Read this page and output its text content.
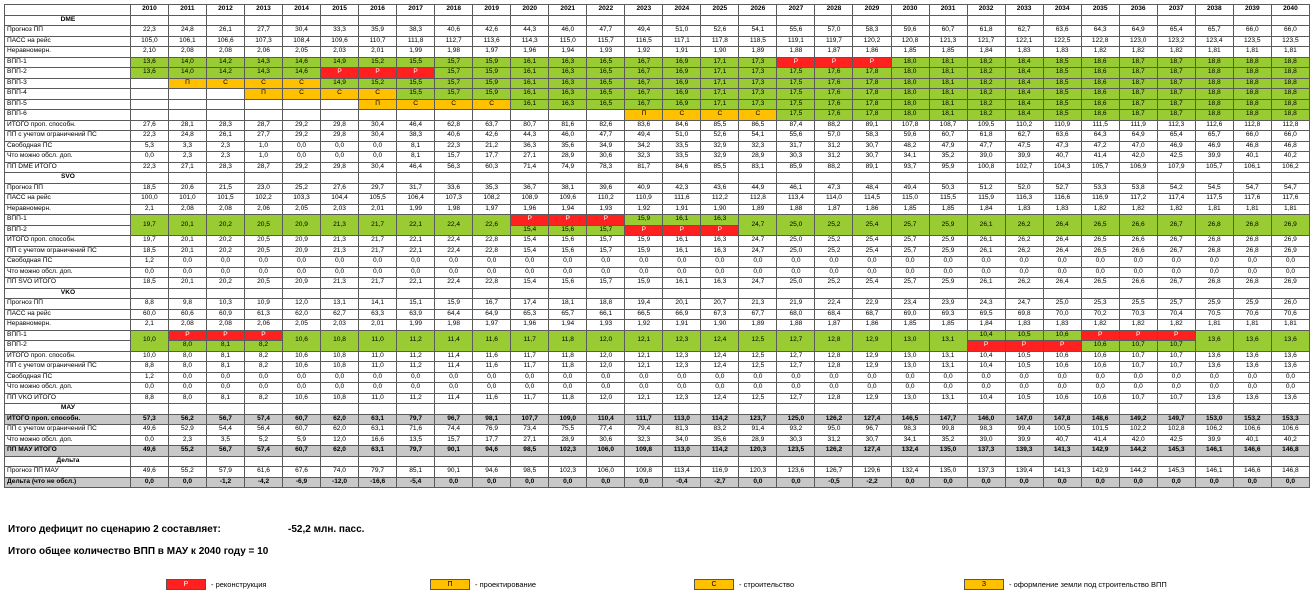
	2010	2011	2012	2013	2014	2015	2016	2017	2018	2019	2020	2021	2022	2023	2024	2025	2026	2027	2028	2029	2030	2031	2032	2033	2034	2035	2036	2037	2038	2039	2040
DME																															
Прогноз ПП	22,3	24,8	26,1	27,7	30,4	33,3	35,9	38,3	40,6	42,6	44,3	46,0	47,7	49,4	51,0	52,6	54,1	55,6	57,0	58,3	59,6	60,7	61,8	62,7	63,6	64,3	64,9	65,4	65,7	66,0	66,0
ПАСС на рейс	105,0	106,1	106,6	107,3	108,4	109,6	110,7	111,8	112,7	113,6	114,3	115,0	115,7	116,5	117,1	117,8	118,5	119,1	119,7	120,2	120,8	121,3	121,7	122,1	122,5	122,8	123,0	123,2	123,4	123,5	123,5
Неравномерн.	2,10	2,08	2,08	2,06	2,05	2,03	2,01	1,99	1,98	1,97	1,96	1,94	1,93	1,92	1,91	1,90	1,89	1,88	1,87	1,86	1,85	1,85	1,84	1,83	1,83	1,82	1,82	1,82	1,81	1,81	1,81
ВПП-1	13,6	14,0	14,2	14,3	14,6	14,9	15,2	15,5	15,7	15,9	16,1	16,3	16,5	16,7	16,9	17,1	17,3	Р	Р	Р	18,0	18,1	18,2	18,4	18,5	18,6	18,7	18,7	18,8	18,8	18,8
ВПП-2	13,6	14,0	14,2	14,3	14,6	Р	Р	Р	15,7	15,9	16,1	16,3	16,5	16,7	16,9	17,1	17,3	17,5	17,6	17,8	18,0	18,1	18,2	18,4	18,5	18,6	18,7	18,7	18,8	18,8	18,8
ВПП-3		П	С	С	С	14,9	15,2	15,5	15,7	15,9	16,1	16,3	16,5	16,7	16,9	17,1	17,3	17,5	17,6	17,8	18,0	18,1	18,2	18,4	18,5	18,6	18,7	18,7	18,8	18,8	18,8
ВПП-4				П	С	С	С	15,5	15,7	15,9	16,1	16,3	16,5	16,7	16,9	17,1	17,3	17,5	17,6	17,8	18,0	18,1	18,2	18,4	18,5	18,6	18,7	18,7	18,8	18,8	18,8
ВПП-5							П	С	С	С	16,1	16,3	16,5	16,7	16,9	17,1	17,3	17,5	17,6	17,8	18,0	18,1	18,2	18,4	18,5	18,6	18,7	18,7	18,8	18,8	18,8
ВПП-6														П	С	С	С	17,5	17,6	17,8	18,0	18,1	18,2	18,4	18,5	18,6	18,7	18,7	18,8	18,8	18,8
ИТОГО проп. способн.	27,6	28,1	28,3	28,7	29,2	29,8	30,4	46,4	62,8	63,7	80,7	81,6	82,6	83,6	84,6	85,5	86,5	87,4	88,2	89,1	107,8	108,7	109,5	110,2	110,9	111,5	111,9	112,3	112,6	112,8	112,8
ПП с учетом ограничений ПС	22,3	24,8	26,1	27,7	29,2	29,8	30,4	38,3	40,6	42,6	44,3	46,0	47,7	49,4	51,0	52,6	54,1	55,6	57,0	58,3	59,6	60,7	61,8	62,7	63,6	64,3	64,9	65,4	65,7	66,0	66,0
Свободная ПС	5,3	3,3	2,3	1,0	0,0	0,0	0,0	8,1	22,3	21,2	36,3	35,6	34,9	34,2	33,5	32,9	32,3	31,7	31,2	30,7	48,2	47,9	47,7	47,5	47,3	47,2	47,0	46,9	46,9	46,8	46,8
Что можно обсл. доп.	0,0	2,3	2,3	1,0	0,0	0,0	0,0	8,1	15,7	17,7	27,1	28,9	30,6	32,3	33,5	32,9	28,9	30,3	31,2	30,7	34,1	35,2	39,0	39,9	40,7	41,4	42,0	42,5	39,9	40,1	40,2
ПП DME ИТОГО	22,3	27,1	28,3	28,7	29,2	29,8	30,4	46,4	56,3	60,3	71,4	74,9	78,3	81,7	84,6	85,5	83,1	85,9	88,2	89,1	93,7	95,9	100,8	102,7	104,3	105,7	106,9	107,9	105,7	106,1	106,2
SVO																															
Прогноз ПП	18,5	20,6	21,5	23,0	25,2	27,6	29,7	31,7	33,6	35,3	36,7	38,1	39,6	40,9	42,3	43,6	44,9	46,1	47,3	48,4	49,4	50,3	51,2	52,0	52,7	53,3	53,8	54,2	54,5	54,7	54,7
ПАСС на рейс	100,0	101,0	101,5	102,2	103,3	104,4	105,5	106,4	107,3	108,2	108,9	109,6	110,2	110,9	111,6	112,2	112,8	113,4	114,0	114,5	115,0	115,5	115,9	116,3	116,6	116,9	117,2	117,4	117,5	117,6	117,6
Неравномерн.	2,1	2,08	2,08	2,06	2,05	2,03	2,01	1,99	1,98	1,97	1,96	1,94	1,93	1,92	1,91	1,90	1,89	1,88	1,87	1,86	1,85	1,85	1,84	1,83	1,83	1,82	1,82	1,82	1,81	1,81	1,81
ВПП-1	19,7	20,1	20,2	20,5	20,9	21,3	21,7	22,1	22,4	22,6	Р	Р	Р	15,9	16,1	16,3	24,7	25,0	25,2	25,4	25,7	25,9	26,1	26,2	26,4	26,5	26,6	26,7	26,8	26,8	26,9
ВПП-2											15,4	15,6	15,7	Р	Р	Р															
ИТОГО проп. способн.	19,7	20,1	20,2	20,5	20,9	21,3	21,7	22,1	22,4	22,8	15,4	15,6	15,7	15,9	16,1	16,3	24,7	25,0	25,2	25,4	25,7	25,9	26,1	26,2	26,4	26,5	26,6	26,7	26,8	26,8	26,9
ПП с учетом ограничений ПС	18,5	20,1	20,2	20,5	20,9	21,3	21,7	22,1	22,4	22,8	15,4	15,6	15,7	15,9	16,1	16,3	24,7	25,0	25,2	25,4	25,7	25,9	26,1	26,2	26,4	26,5	26,6	26,7	26,8	26,8	26,9
Свободная ПС	1,2	0,0	0,0	0,0	0,0	0,0	0,0	0,0	0,0	0,0	0,0	0,0	0,0	0,0	0,0	0,0	0,0	0,0	0,0	0,0	0,0	0,0	0,0	0,0	0,0	0,0	0,0	0,0	0,0	0,0	0,0
Что можно обсл. доп.	0,0	0,0	0,0	0,0	0,0	0,0	0,0	0,0	0,0	0,0	0,0	0,0	0,0	0,0	0,0	0,0	0,0	0,0	0,0	0,0	0,0	0,0	0,0	0,0	0,0	0,0	0,0	0,0	0,0	0,0	0,0
ПП SVO ИТОГО	18,5	20,1	20,2	20,5	20,9	21,3	21,7	22,1	22,4	22,8	15,4	15,6	15,7	15,9	16,1	16,3	24,7	25,0	25,2	25,4	25,7	25,9	26,1	26,2	26,4	26,5	26,6	26,7	26,8	26,8	26,9
VKO																															
Прогноз ПП	8,8	9,8	10,3	10,9	12,0	13,1	14,1	15,1	15,9	16,7	17,4	18,1	18,8	19,4	20,1	20,7	21,3	21,9	22,4	22,9	23,4	23,9	24,3	24,7	25,0	25,3	25,5	25,7	25,9	25,9	26,0
ПАСС на рейс	60,0	60,6	60,9	61,3	62,0	62,7	63,3	63,9	64,4	64,9	65,3	65,7	66,1	66,5	66,9	67,3	67,7	68,0	68,4	68,7	69,0	69,3	69,5	69,8	70,0	70,2	70,3	70,4	70,5	70,6	70,6
Неравномерн.	2,1	2,08	2,08	2,06	2,05	2,03	2,01	1,99	1,98	1,97	1,96	1,94	1,93	1,92	1,91	1,90	1,89	1,88	1,87	1,86	1,85	1,85	1,84	1,83	1,83	1,82	1,82	1,82	1,81	1,81	1,81
ВПП-1	10,0	Р	Р	Р	10,6	10,8	11,0	11,2	11,4	11,6	11,7	11,8	12,0	12,1	12,3	12,4	12,5	12,7	12,8	12,9	13,0	13,1	10,4	10,5	10,6	Р	Р	Р	13,6	13,6	13,6
ВПП-2		8,0	8,1	8,2																			Р	Р	Р	10,6	10,7	10,7			
ИТОГО проп. способн.	10,0	8,0	8,1	8,2	10,6	10,8	11,0	11,2	11,4	11,6	11,7	11,8	12,0	12,1	12,3	12,4	12,5	12,7	12,8	12,9	13,0	13,1	10,4	10,5	10,6	10,6	10,7	10,7	13,6	13,6	13,6
ПП с учетом ограничений ПС	8,8	8,0	8,1	8,2	10,6	10,8	11,0	11,2	11,4	11,6	11,7	11,8	12,0	12,1	12,3	12,4	12,5	12,7	12,8	12,9	13,0	13,1	10,4	10,5	10,6	10,6	10,7	10,7	13,6	13,6	13,6
Свободная ПС	1,2	0,0	0,0	0,0	0,0	0,0	0,0	0,0	0,0	0,0	0,0	0,0	0,0	0,0	0,0	0,0	0,0	0,0	0,0	0,0	0,0	0,0	0,0	0,0	0,0	0,0	0,0	0,0	0,0	0,0	0,0
Что можно обсл. доп.	0,0	0,0	0,0	0,0	0,0	0,0	0,0	0,0	0,0	0,0	0,0	0,0	0,0	0,0	0,0	0,0	0,0	0,0	0,0	0,0	0,0	0,0	0,0	0,0	0,0	0,0	0,0	0,0	0,0	0,0	0,0
ПП VKO ИТОГО	8,8	8,0	8,1	8,2	10,6	10,8	11,0	11,2	11,4	11,6	11,7	11,8	12,0	12,1	12,3	12,4	12,5	12,7	12,8	12,9	13,0	13,1	10,4	10,5	10,6	10,6	10,7	10,7	13,6	13,6	13,6
МАУ																															
ИТОГО проп. способн.	57,3	56,2	56,7	57,4	60,7	62,0	63,1	79,7	96,7	98,1	107,7	109,0	110,4	111,7	113,0	114,2	123,7	125,0	126,2	127,4	146,5	147,7	146,0	147,0	147,8	148,6	149,2	149,7	153,0	153,2	153,3
ПП с учетом ограничений ПС	49,6	52,9	54,4	56,4	60,7	62,0	63,1	71,6	74,4	76,9	73,4	75,5	77,4	79,4	81,3	83,2	91,4	93,2	95,0	96,7	98,3	99,8	98,3	99,4	100,5	101,5	102,2	102,8	106,2	106,6	106,6
Что можно обсл. доп.	0,0	2,3	3,5	5,2	5,9	12,0	16,6	13,5	15,7	17,7	27,1	28,9	30,6	32,3	34,0	35,6	28,9	30,3	31,2	30,7	34,1	35,2	39,0	39,9	40,7	41,4	42,0	42,5	39,9	40,1	40,2
ПП МАУ ИТОГО	49,6	55,2	56,7	57,4	60,7	62,0	63,1	79,7	90,1	94,6	98,5	102,3	106,0	109,8	113,0	114,2	120,3	123,5	126,2	127,4	132,4	135,0	137,3	139,3	141,3	142,9	144,2	145,3	146,1	146,6	146,8
Дельта																															
Прогноз ПП МАУ	49,6	55,2	57,9	61,6	67,6	74,0	79,7	85,1	90,1	94,6	98,5	102,3	106,0	109,8	113,4	116,9	120,3	123,6	126,7	129,6	132,4	135,0	137,3	139,4	141,3	142,9	144,2	145,3	146,1	146,6	146,8
Дельта (что не обсл.)	0,0	0,0	-1,2	-4,2	-6,9	-12,0	-16,6	-5,4	0,0	0,0	0,0	0,0	0,0	0,0	-0,4	-2,7	0,0	0,0	-0,5	-2,2	0,0	0,0	0,0	0,0	0,0	0,0	0,0	0,0	0,0	0,0	0,0
Итого дефицит по сценарию 2 составляет:	-52,2 млн. пасс.
Итого общее количество ВПП в МАУ к 2040 году = 10
Р	- реконструкция	П	- проектирование	С	- строительство	З	- оформление земли под строительство ВПП
